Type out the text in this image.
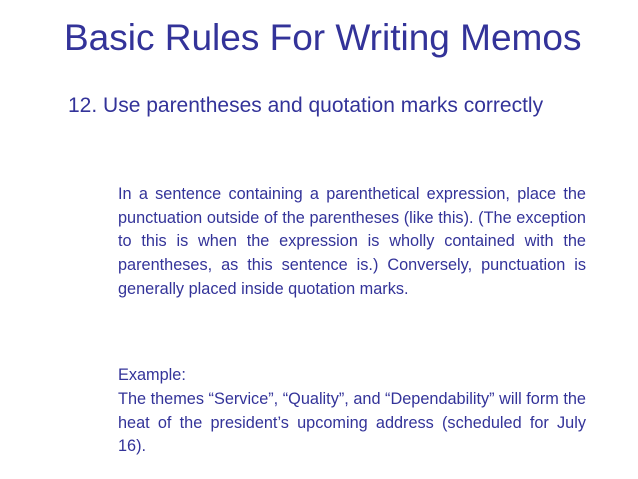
Basic Rules For Writing Memos

12. Use parentheses and quotation marks correctly

In a sentence containing a parenthetical expression, place the punctuation outside of the parentheses (like this). (The exception to this is when the expression is wholly contained with the parentheses, as this sentence is.) Conversely, punctuation is generally placed inside quotation marks.

Example:

The themes “Service”, “Quality”, and “Dependability” will form the heat of the president’s upcoming address (scheduled for July 16).
